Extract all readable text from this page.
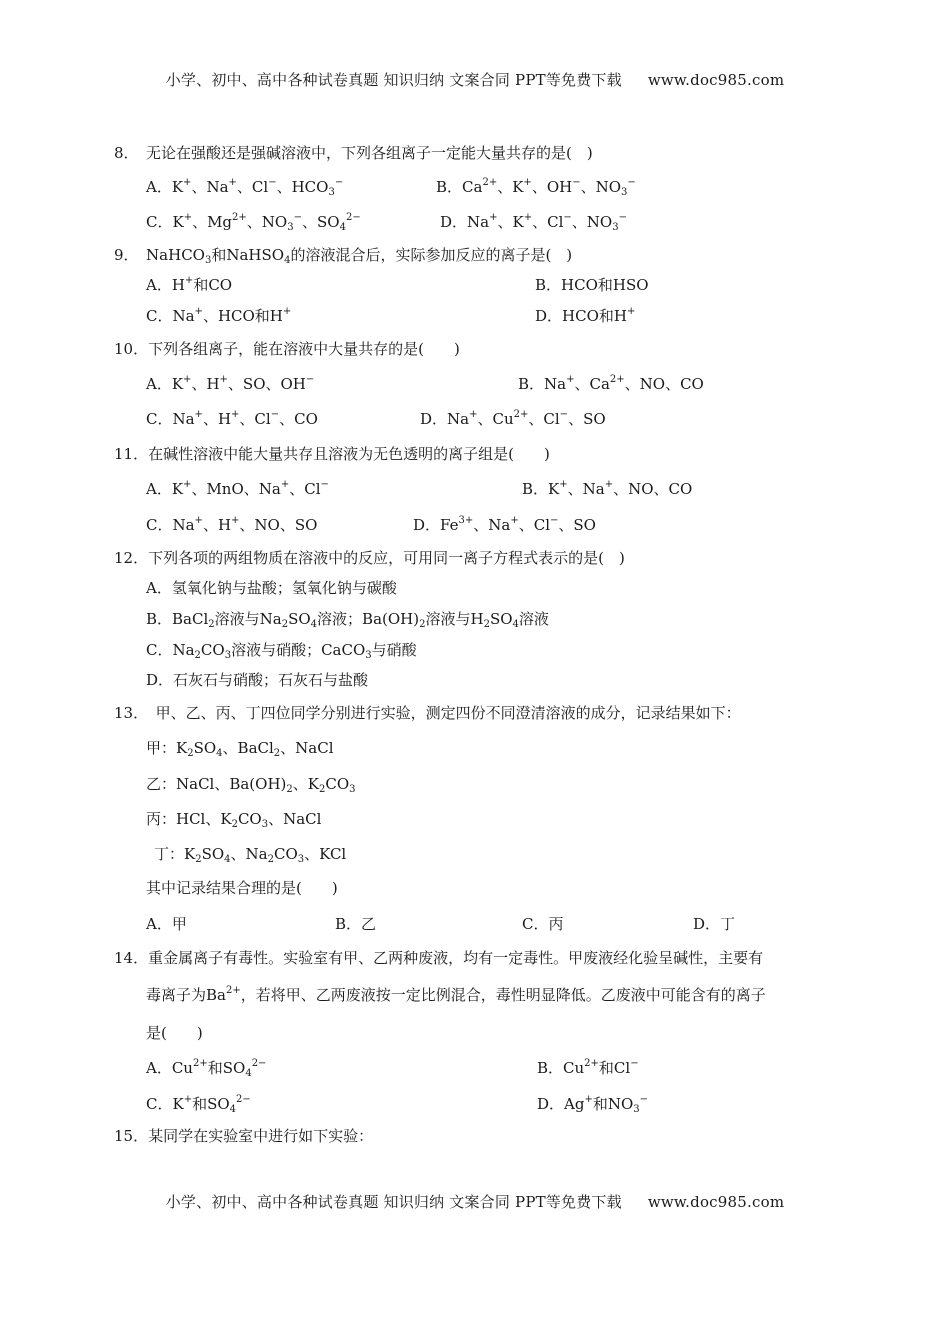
小学、初中、高中各种试卷真题 知识归纳 文案合同 PPT等免费下载 www.doc985.com
8．　无论在强酸还是强碱溶液中，下列各组离子一定能大量共存的是(　)
A．K+、Na+、Cl−、$HCO_3^-$	B．$Ca^{2+}$、K+、OH−、$NO_3^-$
C．K+、$Mg^{2+}$、$NO_3^-$、$SO_4^{2-}$	D．Na+、K+、Cl−、$NO_3^-$
9．　NaHCO$_3$和NaHSO$_4$的溶液混合后，实际参加反应的离子是(　)
A．H+和CO	B．HCO和HSO
C．Na+、HCO和H+	D．HCO和H+
10．下列各组离子，能在溶液中大量共存的是(　　)
A．K+、H+、SO、OH−	B．Na+、$Ca^{2+}$、NO、CO
C．Na+、H+、Cl−、CO	D．Na+、$Cu^{2+}$、Cl−、SO
11．在碱性溶液中能大量共存且溶液为无色透明的离子组是(　　)
A．K+、MnO、Na+、Cl−	B．K+、Na+、NO、CO
C．Na+、H+、NO、SO	D．$Fe^{3+}$、Na+、Cl−、SO
12．下列各项的两组物质在溶液中的反应，可用同一离子方程式表示的是(　)
A．氢氧化钠与盐酸；氢氧化钠与碳酸
B．BaCl$_2$溶液与$Na_2SO_4$溶液；$Ba(OH)_2$溶液与$H_2SO_4$溶液
C．$Na_2CO_3$溶液与硝酸；CaCO$_3$与硝酸
D．石灰石与硝酸；石灰石与盐酸
13．　甲、乙、丙、丁四位同学分别进行实验，测定四份不同澄清溶液的成分，记录结果如下：
甲：$K_2SO_4$、BaCl$_2$、NaCl
乙：NaCl、$Ba(OH)_2$、$K_2CO_3$
丙：HCl、$K_2CO_3$、NaCl
丁：$K_2SO_4$、$Na_2CO_3$、KCl
其中记录结果合理的是(　　)
A．甲	B．乙	C．丙	D．丁
14．重金属离子有毒性。实验室有甲、乙两种废液，均有一定毒性。甲废液经化验呈碱性，主要有
毒离子为$Ba^{2+}$，若将甲、乙两废液按一定比例混合，毒性明显降低。乙废液中可能含有的离子
是(　　)
A．$Cu^{2+}$和$SO_4^{2-}$	B．$Cu^{2+}$和Cl−
C．K+和$SO_4^{2-}$	D．Ag+和$NO_3^-$
15．某同学在实验室中进行如下实验：
小学、初中、高中各种试卷真题 知识归纳 文案合同 PPT等免费下载 www.doc985.com
